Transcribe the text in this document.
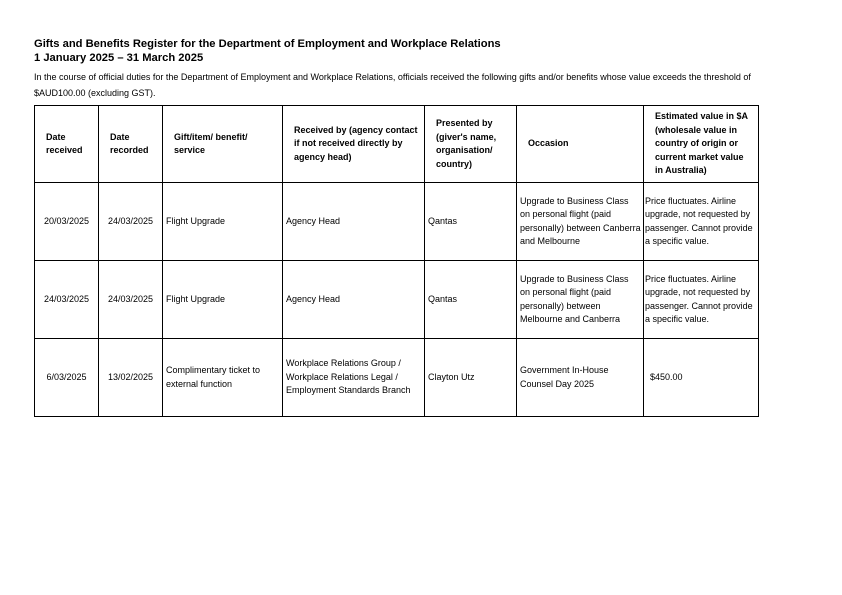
Gifts and Benefits Register for the Department of Employment and Workplace Relations
1 January 2025 – 31 March 2025
In the course of official duties for the Department of Employment and Workplace Relations, officials received the following gifts and/or benefits whose value exceeds the threshold of $AUD100.00 (excluding GST).
Date received	Date recorded	Gift/item/ benefit/ service	Received by (agency contact if not received directly by agency head)	Presented by (giver's name, organisation/ country)	Occasion	Estimated value in $A (wholesale value in country of origin or current market value in Australia)

20/03/2025	24/03/2025	Flight Upgrade	Agency Head	Qantas	Upgrade to Business Class on personal flight (paid personally) between Canberra and Melbourne	Price fluctuates. Airline upgrade, not requested by passenger. Cannot provide a specific value.

24/03/2025	24/03/2025	Flight Upgrade	Agency Head	Qantas	Upgrade to Business Class on personal flight (paid personally) between Melbourne and Canberra	Price fluctuates. Airline upgrade, not requested by passenger. Cannot provide a specific value.

6/03/2025	13/02/2025	Complimentary ticket to external function	Workplace Relations Group / Workplace Relations Legal / Employment Standards Branch	Clayton Utz	Government In-House Counsel Day 2025	$450.00
